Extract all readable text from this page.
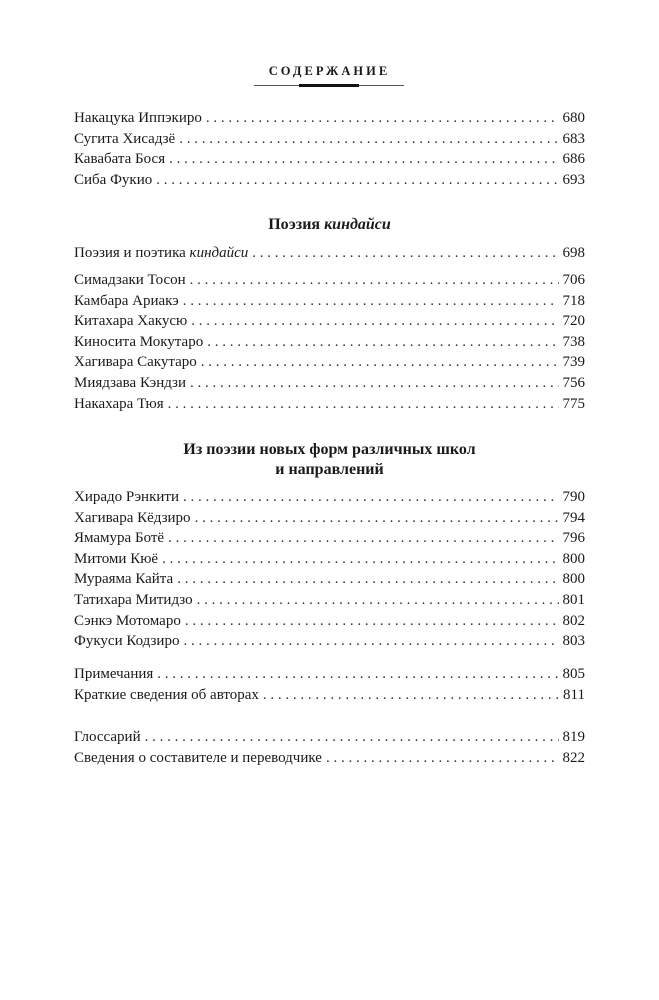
СОДЕРЖАНИЕ
Накацука Иппэкиро . . .	680
Сугита Хисадзё . . .	683
Кавабата Бося . . .	686
Сиба Фукио . . .	693
Поэзия киндайси
Поэзия и поэтика киндайси . . .	698
Симадзаки Тосон . . .	706
Камбара Ариакэ . . .	718
Китахара Хакусю . . .	720
Киносита Мокутаро . . .	738
Хагивара Сакутаро . . .	739
Миядзава Кэндзи . . .	756
Накахара Тюя . . .	775
Из поэзии новых форм различных школ
и направлений
Хирадо Рэнкити . . .	790
Хагивара Кёдзиро . . .	794
Ямамура Ботё . . .	796
Митоми Кюё . . .	800
Мураяма Кайта . . .	800
Татихара Митидзо . . .	801
Сэнкэ Мотомаро . . .	802
Фукуси Кодзиро . . .	803
Примечания . . .	805
Краткие сведения об авторах . . .	811
Глоссарий . . .	819
Сведения о составителе и переводчике . . .	822
